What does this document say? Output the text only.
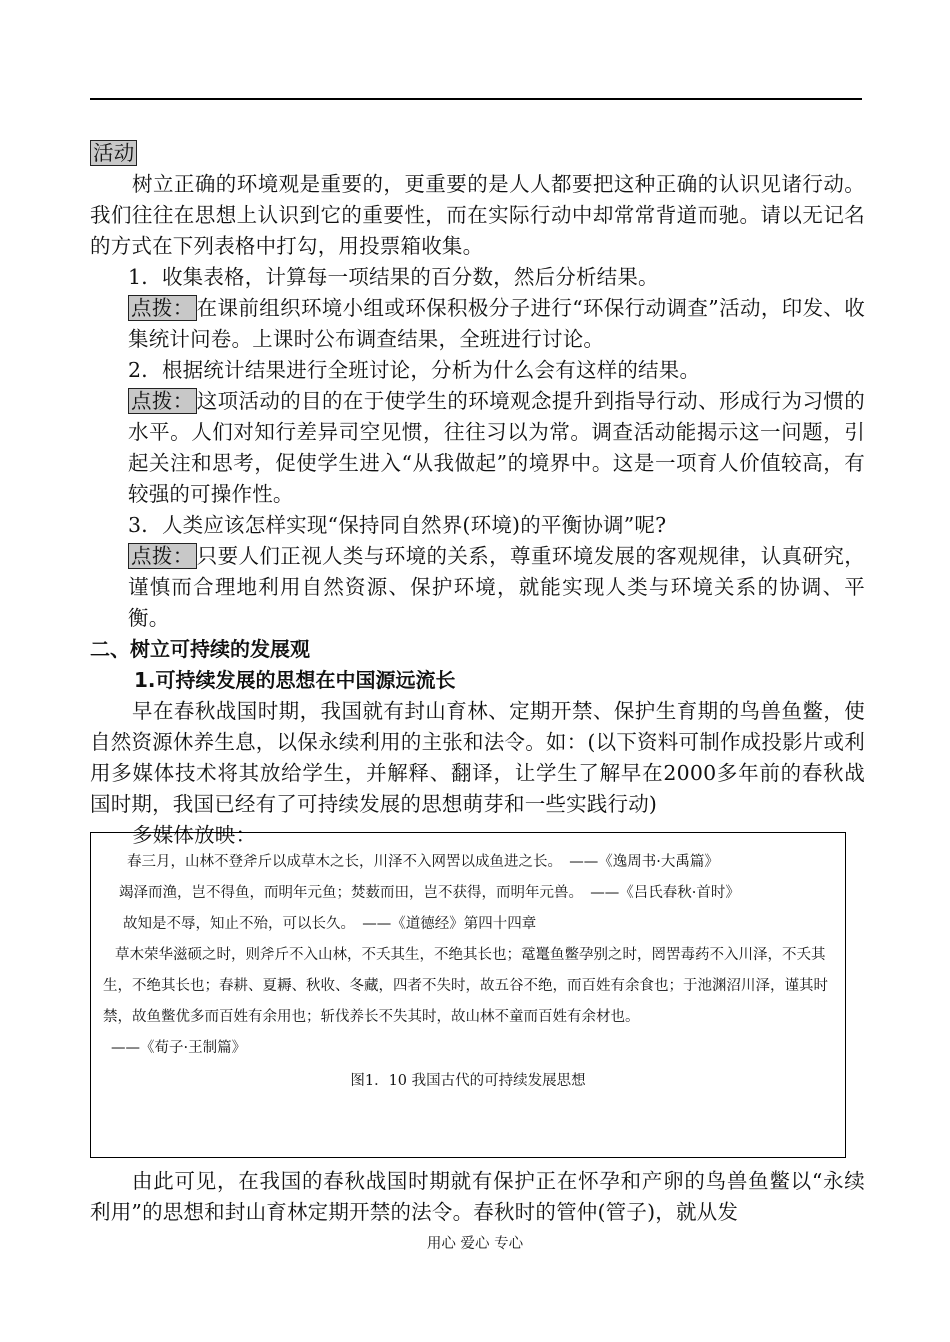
活动

树立正确的环境观是重要的，更重要的是人人都要把这种正确的认识见诸行动。我们往往在思想上认识到它的重要性，而在实际行动中却常常背道而驰。请以无记名的方式在下列表格中打勾，用投票箱收集。

1．收集表格，计算每一项结果的百分数，然后分析结果。

点拨： 在课前组织环境小组或环保积极分子进行“环保行动调查”活动，印发、收集统计问卷。上课时公布调查结果，全班进行讨论。

2．根据统计结果进行全班讨论，分析为什么会有这样的结果。

点拨： 这项活动的目的在于使学生的环境观念提升到指导行动、形成行为习惯的水平。人们对知行差异司空见惯，往往习以为常。调查活动能揭示这一问题，引起关注和思考，促使学生进入“从我做起”的境界中。这是一项育人价值较高，有较强的可操作性。

3．人类应该怎样实现“保持同自然界(环境)的平衡协调”呢?

点拨： 只要人们正视人类与环境的关系，尊重环境发展的客观规律，认真研究，谨慎而合理地利用自然资源、保护环境，就能实现人类与环境关系的协调、平衡。

二、树立可持续的发展观

1.可持续发展的思想在中国源远流长

早在春秋战国时期，我国就有封山育林、定期开禁、保护生育期的鸟兽鱼鳖，使自然资源休养生息，以保永续利用的主张和法令。如：(以下资料可制作成投影片或利用多媒体技术将其放给学生，并解释、翻译，让学生了解早在2000多年前的春秋战国时期，我国已经有了可持续发展的思想萌芽和一些实践行动)

多媒体放映：

春三月，山林不登斧斤以成草木之长，川泽不入网罟以成鱼进之长。　——《逸周书·大禹篇》

竭泽而渔，岂不得鱼，而明年元鱼；焚薮而田，岂不获得，而明年元兽。　——《吕氏春秋·首时》

故知是不辱，知止不殆，可以长久。　——《道德经》第四十四章

草木荣华滋硕之时，则斧斤不入山林，不夭其生，不绝其长也；鼋鼍鱼鳖孕别之时，罔罟毒药不入川泽，不夭其生，不绝其长也；春耕、夏耨、秋收、冬藏，四者不失时，故五谷不绝，而百姓有余食也；于池渊沼川泽，谨其时禁，故鱼鳖优多而百姓有余用也；斩伐养长不失其时，故山林不童而百姓有余材也。

——《荀子·王制篇》

图1．10 我国古代的可持续发展思想

由此可见，在我国的春秋战国时期就有保护正在怀孕和产卵的鸟兽鱼鳖以“永续利用”的思想和封山育林定期开禁的法令。春秋时的管仲(管子)，就从发

用心 爱心 专心
